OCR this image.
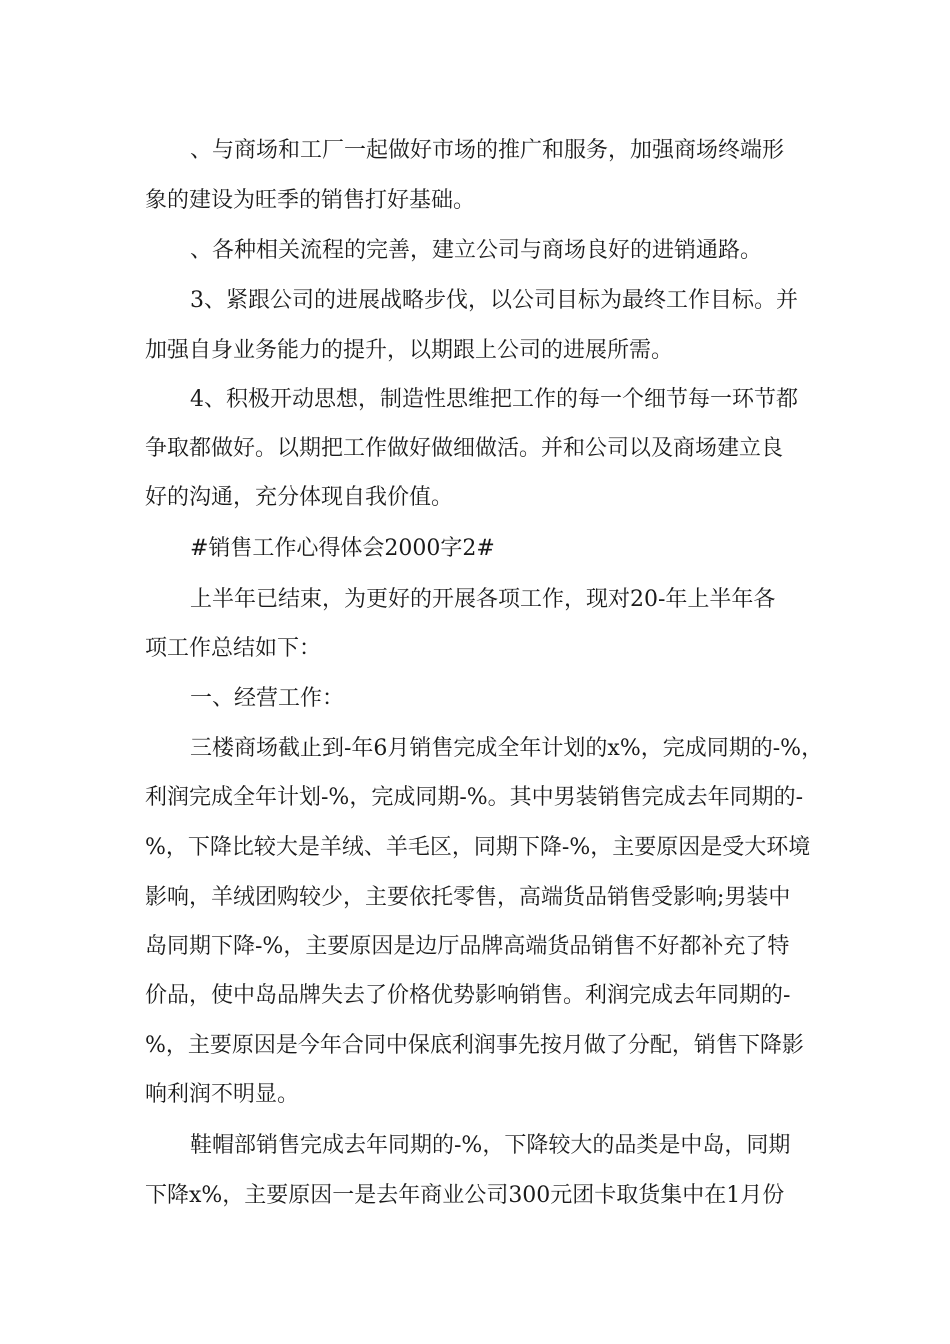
、与商场和工厂一起做好市场的推广和服务，加强商场终端形
象的建设为旺季的销售打好基础。
、各种相关流程的完善，建立公司与商场良好的进销通路。
3、紧跟公司的进展战略步伐，以公司目标为最终工作目标。并
加强自身业务能力的提升，以期跟上公司的进展所需。
4、积极开动思想，制造性思维把工作的每一个细节每一环节都
争取都做好。以期把工作做好做细做活。并和公司以及商场建立良
好的沟通，充分体现自我价值。
#销售工作心得体会2000字2#
上半年已结束，为更好的开展各项工作，现对20-年上半年各
项工作总结如下：
一、经营工作：
三楼商场截止到-年6月销售完成全年计划的x%，完成同期的-%，
利润完成全年计划-%，完成同期-%。其中男装销售完成去年同期的-
%，下降比较大是羊绒、羊毛区，同期下降-%，主要原因是受大环境
影响，羊绒团购较少，主要依托零售，高端货品销售受影响;男装中
岛同期下降-%，主要原因是边厅品牌高端货品销售不好都补充了特
价品，使中岛品牌失去了价格优势影响销售。利润完成去年同期的-
%，主要原因是今年合同中保底利润事先按月做了分配，销售下降影
响利润不明显。
鞋帽部销售完成去年同期的-%，下降较大的品类是中岛，同期
下降x%，主要原因一是去年商业公司300元团卡取货集中在1月份
